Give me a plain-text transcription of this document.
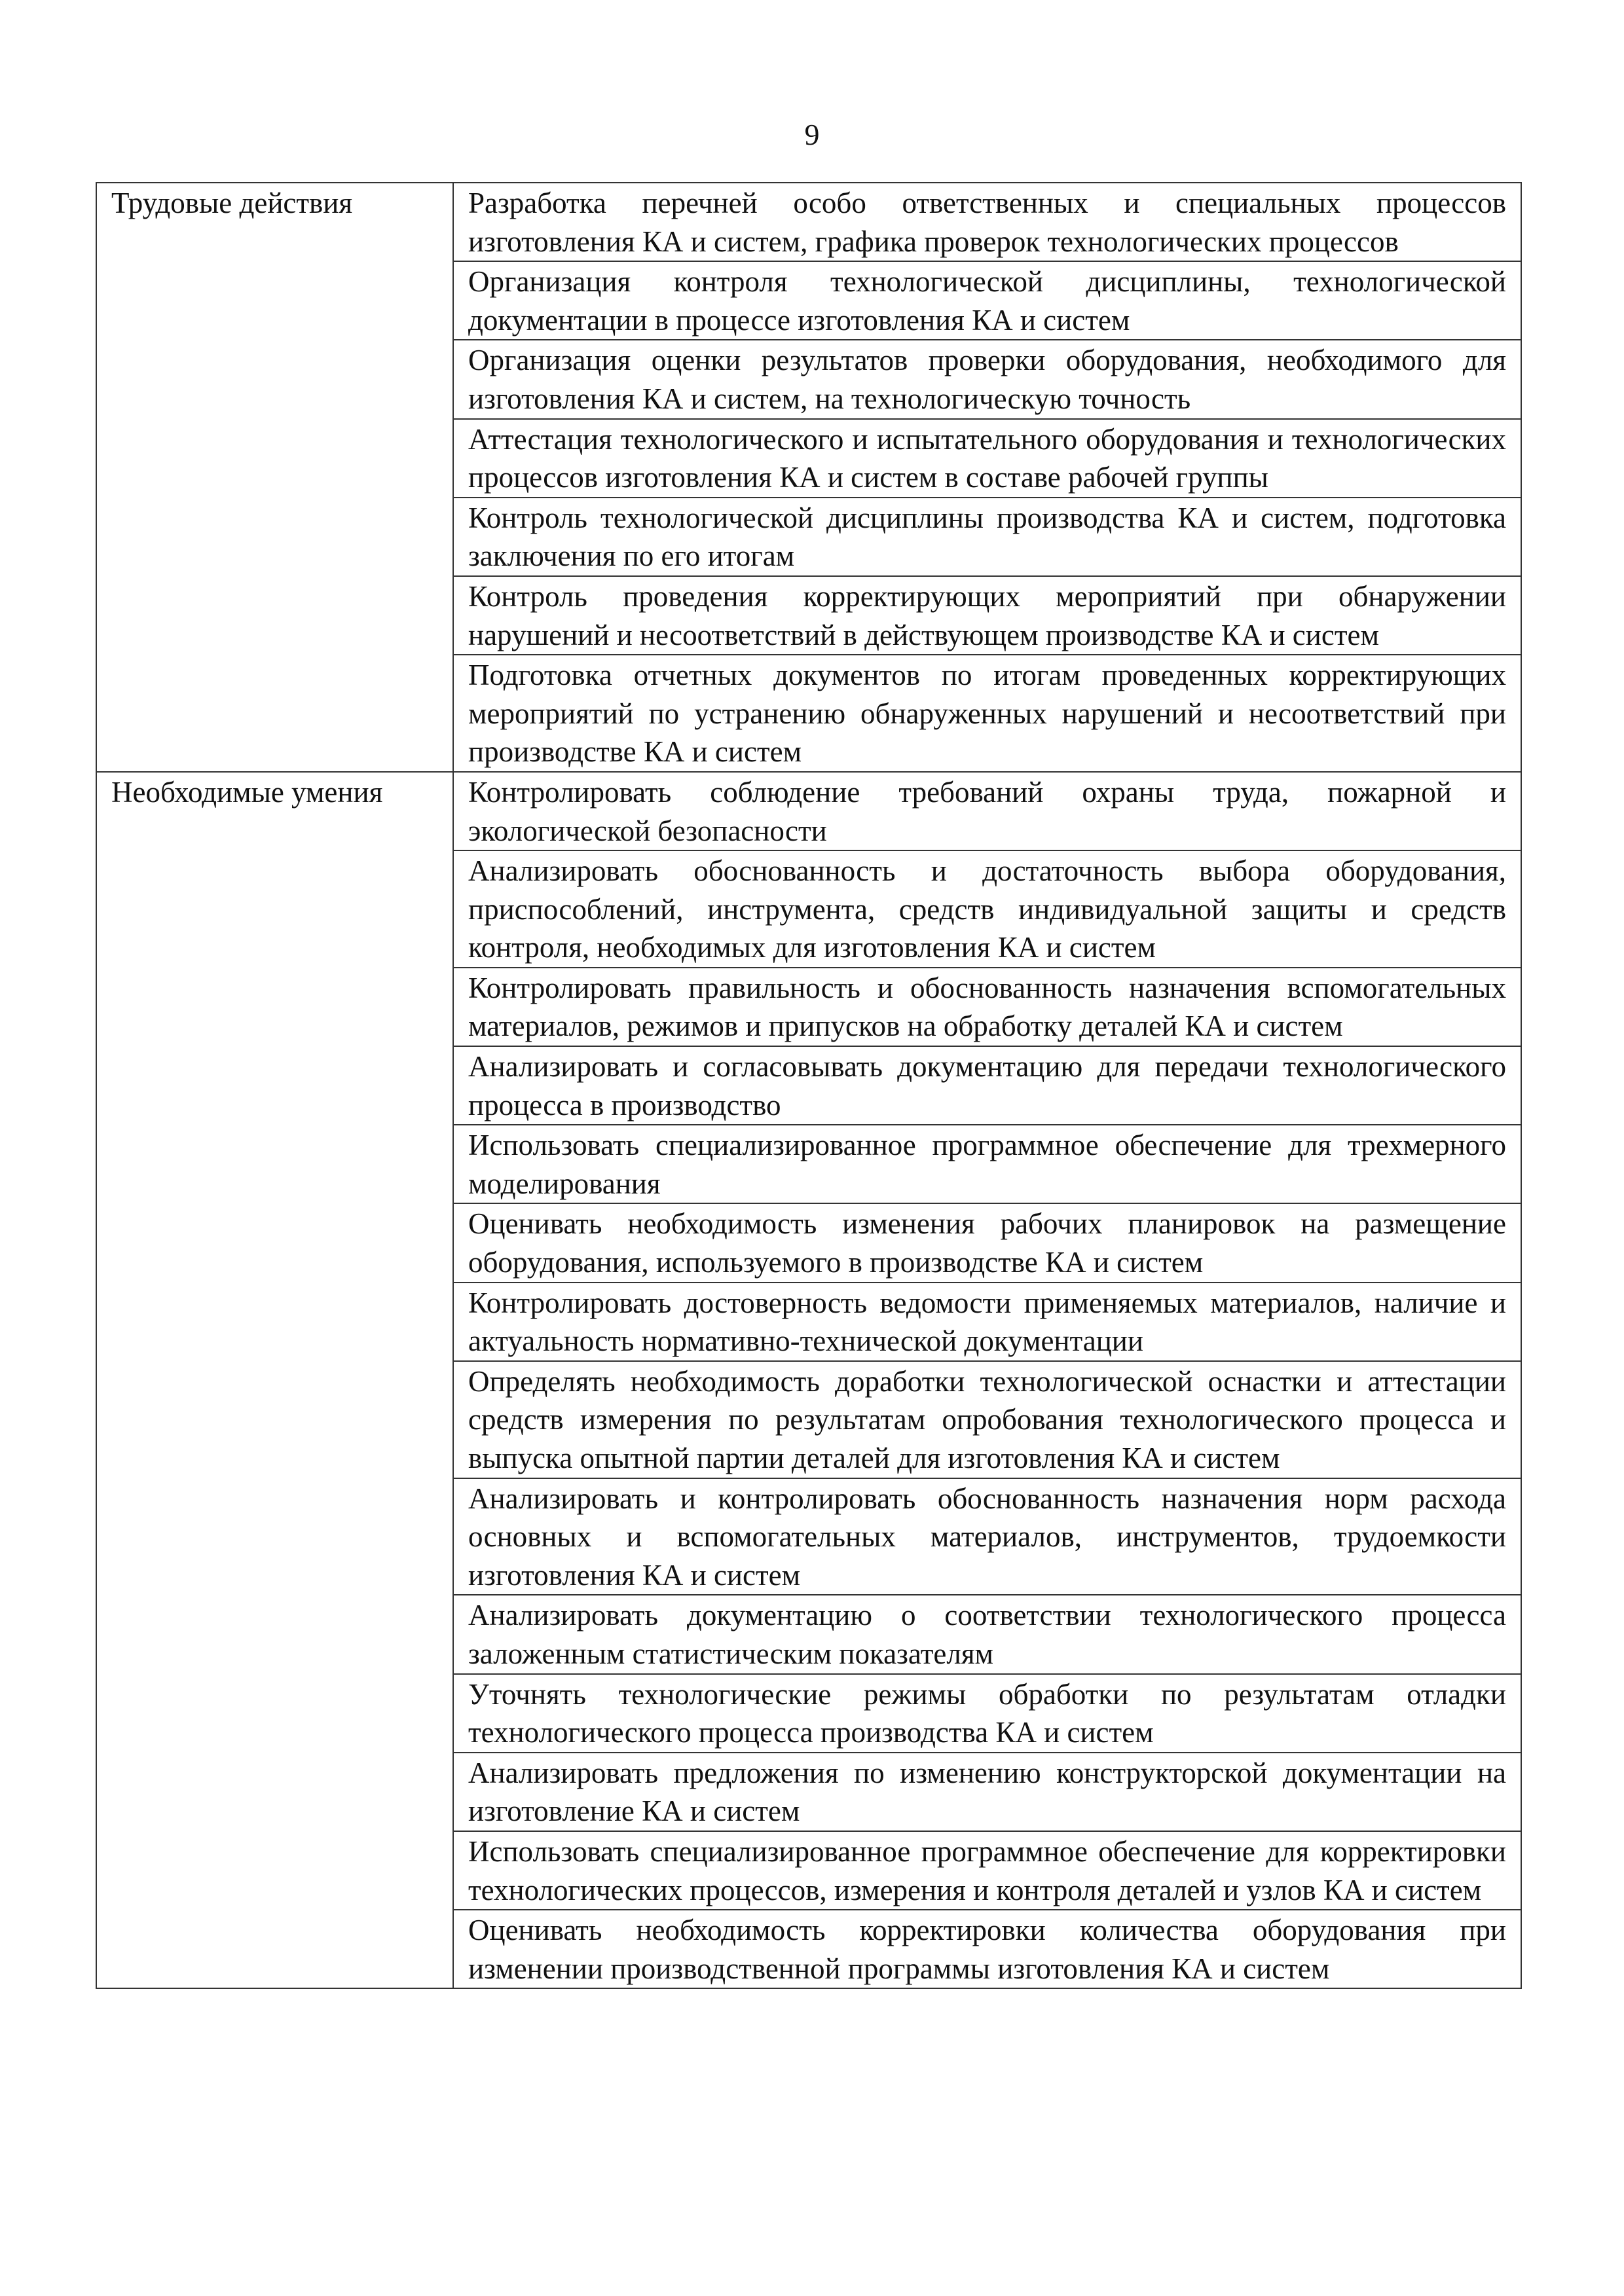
9
Трудовые действия	Разработка перечней особо ответственных и специальных процессов изготовления КА и систем, графика проверок технологических процессов
	Организация контроля технологической дисциплины, технологической документации в процессе изготовления КА и систем
	Организация оценки результатов проверки оборудования, необходимого для изготовления КА и систем, на технологическую точность
	Аттестация технологического и испытательного оборудования и технологических процессов изготовления КА и систем в составе рабочей группы
	Контроль технологической дисциплины производства КА и систем, подготовка заключения по его итогам
	Контроль проведения корректирующих мероприятий при обнаружении нарушений и несоответствий в действующем производстве КА и систем
	Подготовка отчетных документов по итогам проведенных корректирующих мероприятий по устранению обнаруженных нарушений и несоответствий при производстве КА и систем
Необходимые умения	Контролировать соблюдение требований охраны труда, пожарной и экологической безопасности
	Анализировать обоснованность и достаточность выбора оборудования, приспособлений, инструмента, средств индивидуальной защиты и средств контроля, необходимых для изготовления КА и систем
	Контролировать правильность и обоснованность назначения вспомогательных материалов, режимов и припусков на обработку деталей КА и систем
	Анализировать и согласовывать документацию для передачи технологического процесса в производство
	Использовать специализированное программное обеспечение для трехмерного моделирования
	Оценивать необходимость изменения рабочих планировок на размещение оборудования, используемого в производстве КА и систем
	Контролировать достоверность ведомости применяемых материалов, наличие и актуальность нормативно-технической документации
	Определять необходимость доработки технологической оснастки и аттестации средств измерения по результатам опробования технологического процесса и выпуска опытной партии деталей для изготовления КА и систем
	Анализировать и контролировать обоснованность назначения норм расхода основных и вспомогательных материалов, инструментов, трудоемкости изготовления КА и систем
	Анализировать документацию о соответствии технологического процесса заложенным статистическим показателям
	Уточнять технологические режимы обработки по результатам отладки технологического процесса производства КА и систем
	Анализировать предложения по изменению конструкторской документации на изготовление КА и систем
	Использовать специализированное программное обеспечение для корректировки технологических процессов, измерения и контроля деталей и узлов КА и систем
	Оценивать необходимость корректировки количества оборудования при изменении производственной программы изготовления КА и систем
